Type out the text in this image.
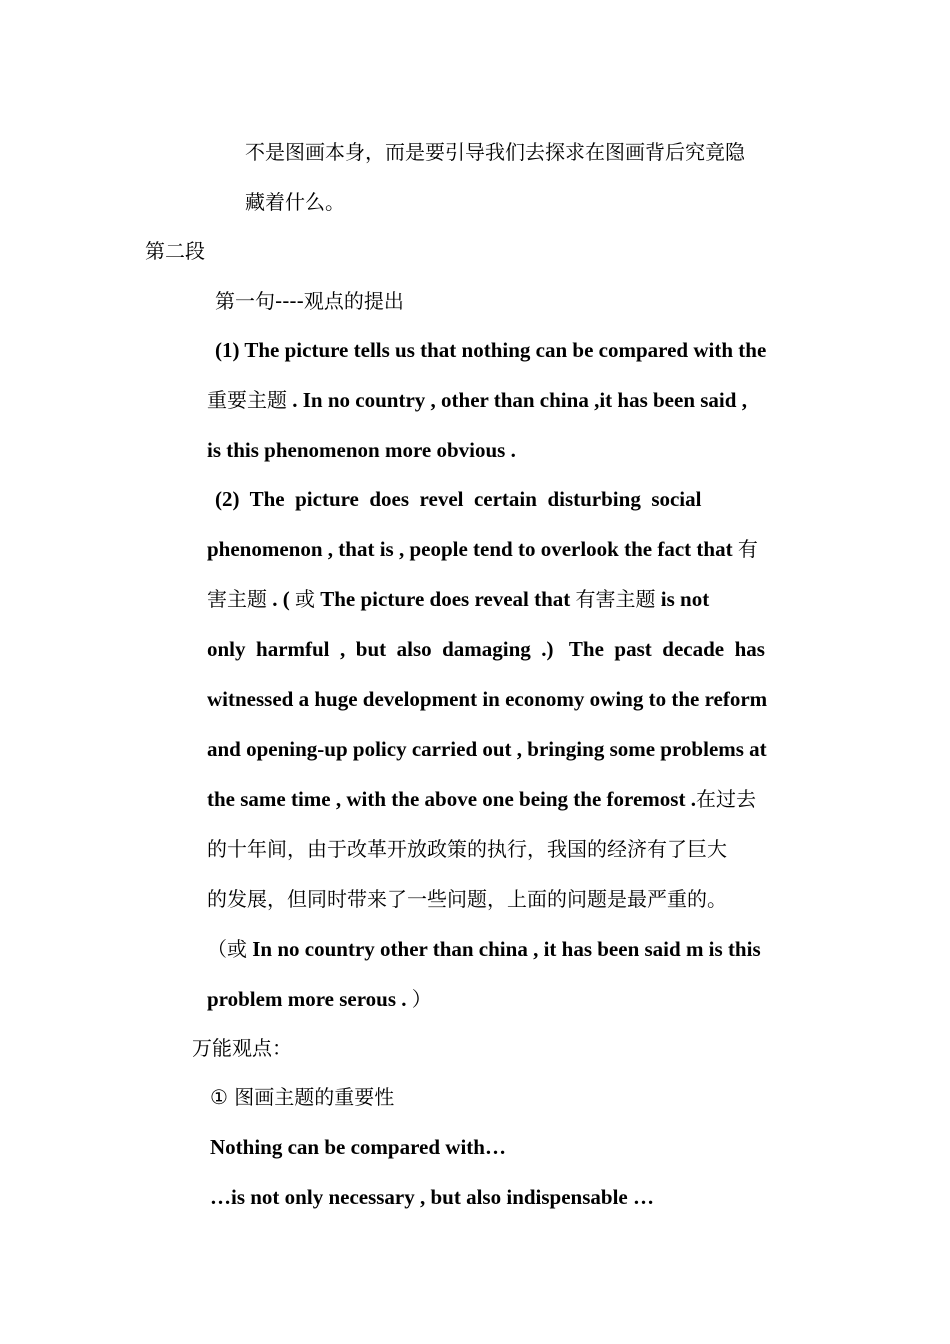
不是图画本身，而是要引导我们去探求在图画背后究竟隐
藏着什么。
第二段
第一句----观点的提出
(1) The picture tells us that nothing can be compared with the
重要主题 . In no country , other than china ,it has been said ,
is this phenomenon more obvious .
(2)  The  picture  does  revel  certain  disturbing  social
phenomenon , that is , people tend to overlook the fact that 有
害主题 . ( 或 The picture does reveal that 有害主题 is not
only  harmful  ,  but  also  damaging  .)   The  past  decade  has
witnessed a huge development in economy owing to the reform
and opening-up policy carried out , bringing some problems at
the same time , with the above one being the foremost .在过去
的十年间，由于改革开放政策的执行，我国的经济有了巨大
的发展，但同时带来了一些问题，上面的问题是最严重的。
（或 In no country other than china , it has been said m is this
problem more serous . ）
万能观点：
① 图画主题的重要性
Nothing can be compared with…
…is not only necessary , but also indispensable …
